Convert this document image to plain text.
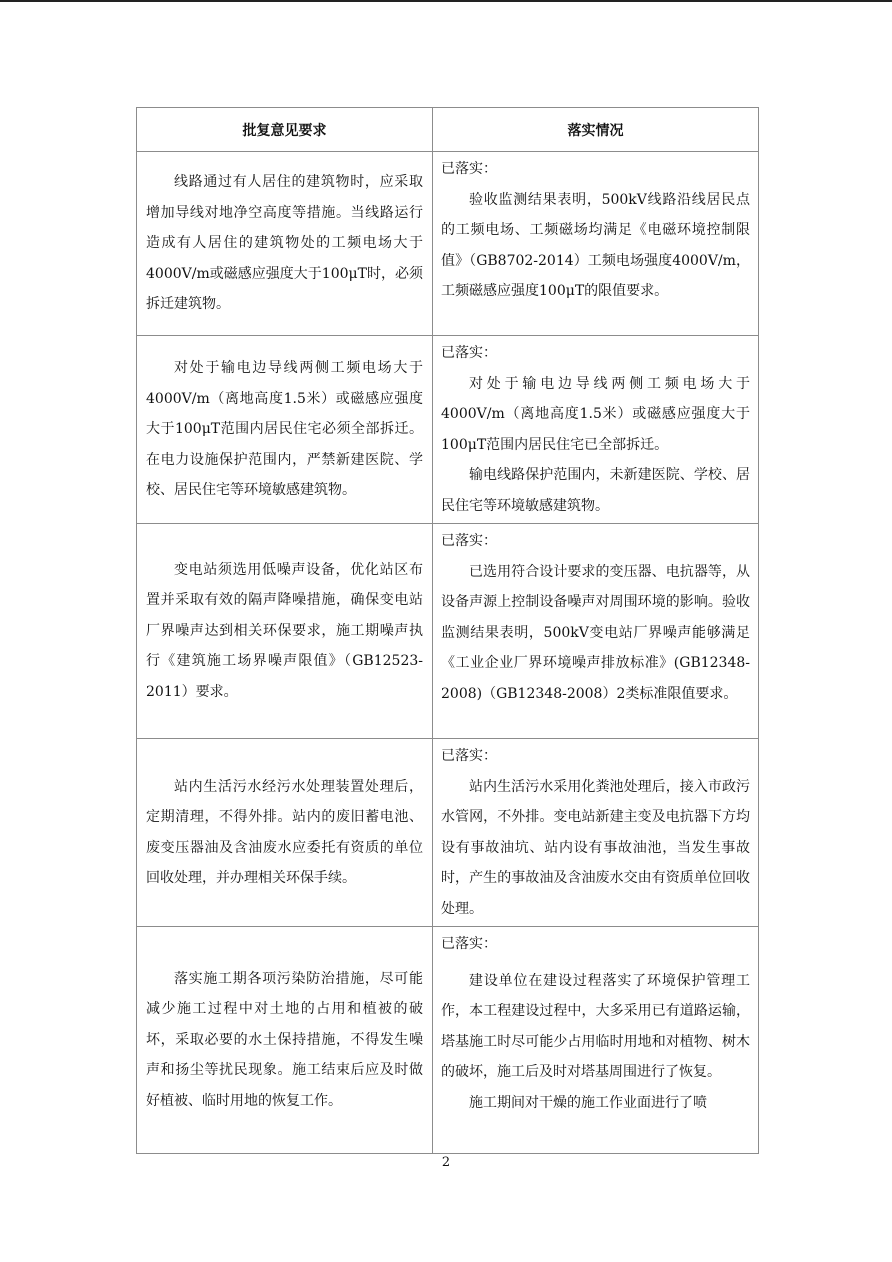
批复意见要求	落实情况

线路通过有人居住的建筑物时，应采取增加导线对地净空高度等措施。当线路运行造成有人居住的建筑物处的工频电场大于4000V/m或磁感应强度大于100μT时，必须拆迁建筑物。	已落实：

验收监测结果表明，500kV线路沿线居民点的工频电场、工频磁场均满足《电磁环境控制限值》（GB8702-2014）工频电场强度4000V/m，工频磁感应强度100μT的限值要求。

对处于输电边导线两侧工频电场大于4000V/m（离地高度1.5米）或磁感应强度大于100μT范围内居民住宅必须全部拆迁。在电力设施保护范围内，严禁新建医院、学校、居民住宅等环境敏感建筑物。	已落实：

对处于输电边导线两侧工频电场大于4000V/m（离地高度1.5米）或磁感应强度大于100μT范围内居民住宅已全部拆迁。

输电线路保护范围内，未新建医院、学校、居民住宅等环境敏感建筑物。

变电站须选用低噪声设备，优化站区布置并采取有效的隔声降噪措施，确保变电站厂界噪声达到相关环保要求，施工期噪声执行《建筑施工场界噪声限值》（GB12523-2011）要求。	已落实：

已选用符合设计要求的变压器、电抗器等，从设备声源上控制设备噪声对周围环境的影响。验收监测结果表明，500kV变电站厂界噪声能够满足《工业企业厂界环境噪声排放标准》(GB12348-2008)（GB12348-2008）2类标准限值要求。

站内生活污水经污水处理装置处理后，定期清理，不得外排。站内的废旧蓄电池、废变压器油及含油废水应委托有资质的单位回收处理，并办理相关环保手续。	已落实：

站内生活污水采用化粪池处理后，接入市政污水管网，不外排。变电站新建主变及电抗器下方均设有事故油坑、站内设有事故油池，当发生事故时，产生的事故油及含油废水交由有资质单位回收处理。

落实施工期各项污染防治措施，尽可能减少施工过程中对土地的占用和植被的破坏，采取必要的水土保持措施，不得发生噪声和扬尘等扰民现象。施工结束后应及时做好植被、临时用地的恢复工作。	已落实：

建设单位在建设过程落实了环境保护管理工作，本工程建设过程中，大多采用已有道路运输，塔基施工时尽可能少占用临时用地和对植物、树木的破坏，施工后及时对塔基周围进行了恢复。

施工期间对干燥的施工作业面进行了喷

2
